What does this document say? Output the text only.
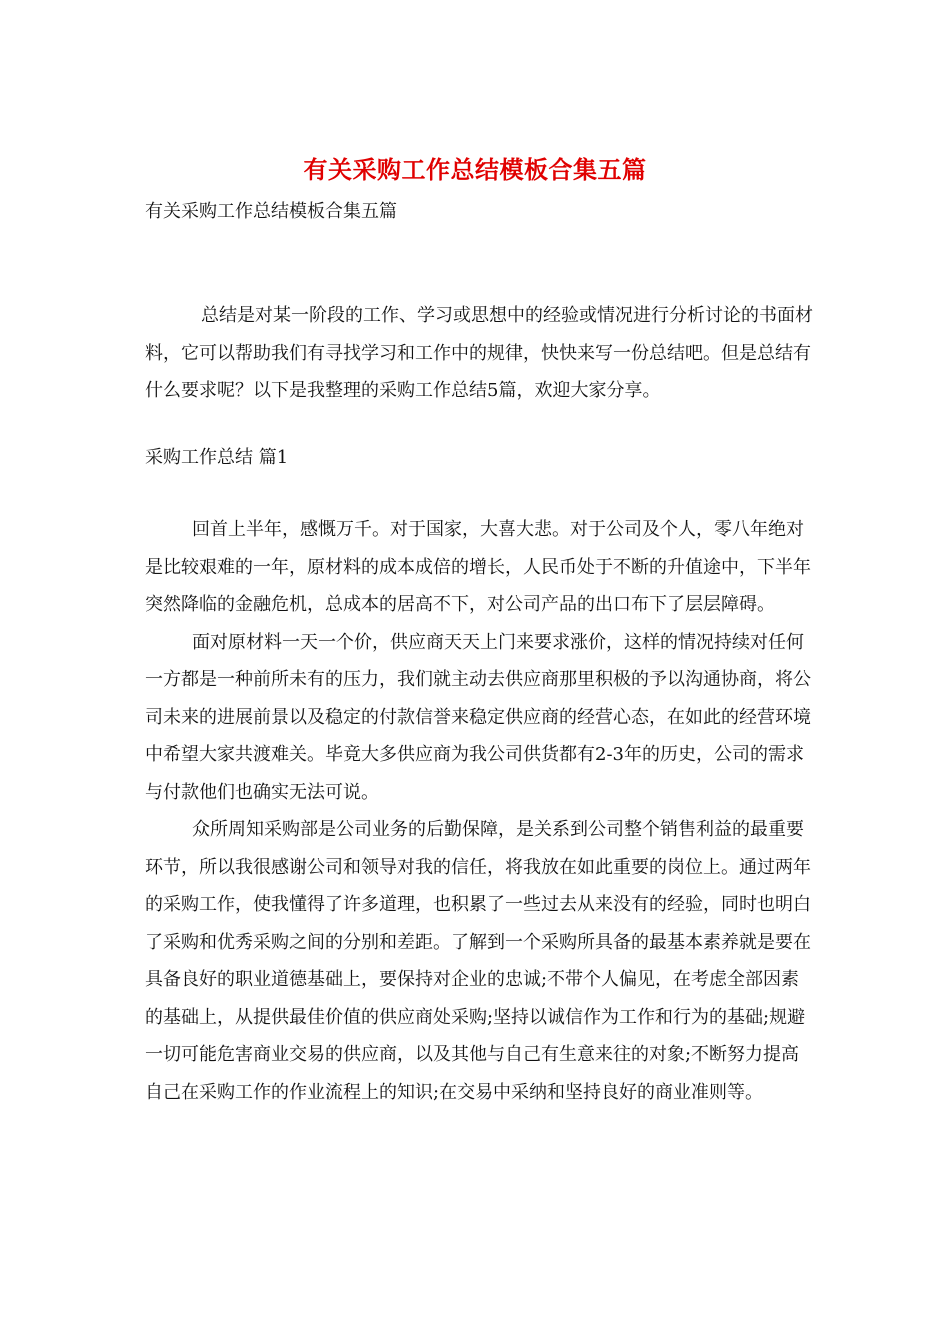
有关采购工作总结模板合集五篇
有关采购工作总结模板合集五篇

总结是对某一阶段的工作、学习或思想中的经验或情况进行分析讨论的书面材料，它可以帮助我们有寻找学习和工作中的规律，快快来写一份总结吧。但是总结有什么要求呢？以下是我整理的采购工作总结5篇，欢迎大家分享。

采购工作总结 篇1

回首上半年，感慨万千。对于国家，大喜大悲。对于公司及个人，零八年绝对是比较艰难的一年，原材料的成本成倍的增长，人民币处于不断的升值途中，下半年突然降临的金融危机，总成本的居高不下，对公司产品的出口布下了层层障碍。

面对原材料一天一个价，供应商天天上门来要求涨价，这样的情况持续对任何一方都是一种前所未有的压力，我们就主动去供应商那里积极的予以沟通协商，将公司未来的进展前景以及稳定的付款信誉来稳定供应商的经营心态，在如此的经营环境中希望大家共渡难关。毕竟大多供应商为我公司供货都有2-3年的历史，公司的需求与付款他们也确实无法可说。

众所周知采购部是公司业务的后勤保障，是关系到公司整个销售利益的最重要环节，所以我很感谢公司和领导对我的信任，将我放在如此重要的岗位上。通过两年的采购工作，使我懂得了许多道理，也积累了一些过去从来没有的经验，同时也明白了采购和优秀采购之间的分别和差距。了解到一个采购所具备的最基本素养就是要在具备良好的职业道德基础上，要保持对企业的忠诚;不带个人偏见，在考虑全部因素的基础上，从提供最佳价值的供应商处采购;坚持以诚信作为工作和行为的基础;规避一切可能危害商业交易的供应商，以及其他与自己有生意来往的对象;不断努力提高自己在采购工作的作业流程上的知识;在交易中采纳和坚持良好的商业准则等。
